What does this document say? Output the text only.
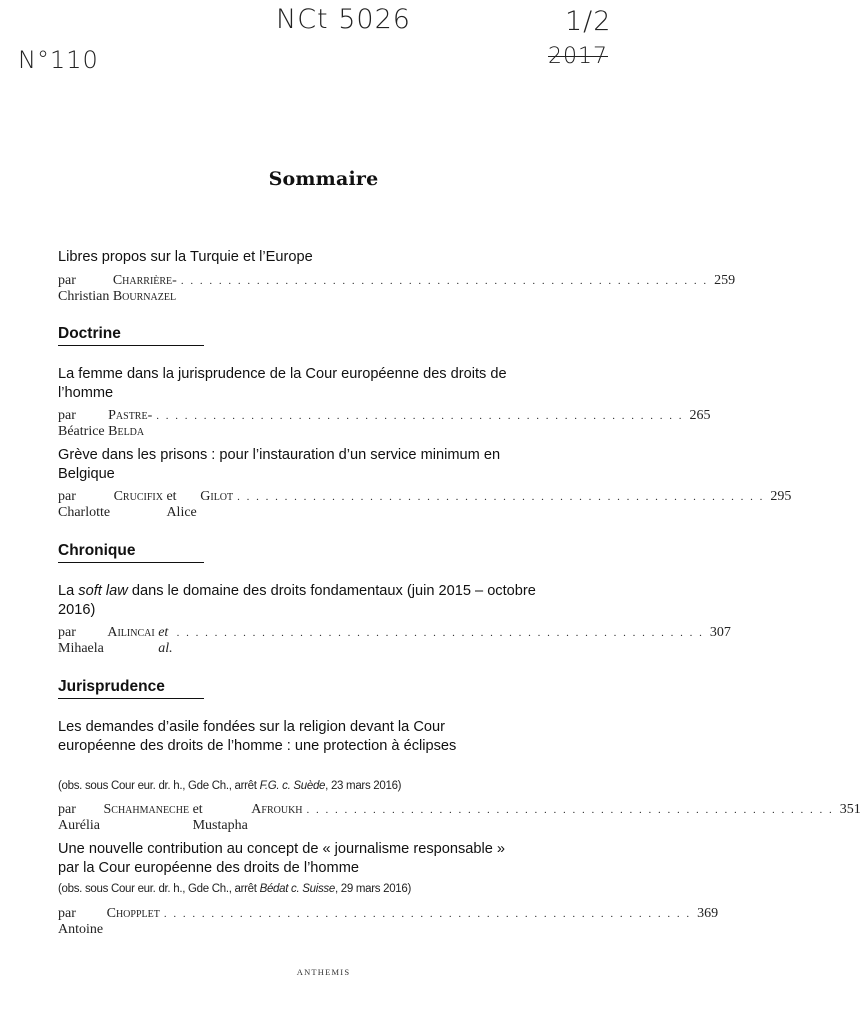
NCt 5026
N°110
1/2
2017
Sommaire
Libres propos sur la Turquie et l’Europe
par Christian

Charrière-Bournazel
. . . . . . . . . . . . . . . . . . . . . . . . . . . . . . . . . . . . . . . . . . . . . . . . . . . . . . . . 259
Doctrine
La femme dans la jurisprudence de la Cour européenne des droits de l’homme
par Béatrice

Pastre-Belda
. . . . . . . . . . . . . . . . . . . . . . . . . . . . . . . . . . . . . . . . . . . . . . . . . . . . . . . . 265
Grève dans les prisons : pour l’instauration d’un service minimum en Belgique
par Charlotte

Crucifix
et Alice

Gilot . . . . . . . . . . . . . . . . . . . . . . . . . . . . . . . . . . . . . . . . . . . . . . . . . . . . . . . . 295
Chronique
La soft law dans le domaine des droits fondamentaux (juin 2015 – octobre 2016)
par Mihaela

Ailincai
et al.
. . . . . . . . . . . . . . . . . . . . . . . . . . . . . . . . . . . . . . . . . . . . . . . . . . . . . . . . 307
Jurisprudence
Les demandes d’asile fondées sur la religion devant la Cour européenne des droits de l’homme : une protection à éclipses
(obs. sous Cour eur. dr. h., Gde Ch., arrêt F.G. c. Suède, 23 mars 2016)
par Aurélia

Schahmaneche
et Mustapha

Afroukh . . . . . . . . . . . . . . . . . . . . . . . . . . . . . . . . . . . . . . . . . . . . . . . . . . . . . . . . 351
Une nouvelle contribution au concept de « journalisme responsable » par la Cour européenne des droits de l’homme
(obs. sous Cour eur. dr. h., Gde Ch., arrêt Bédat c. Suisse, 29 mars 2016)
par Antoine

Chopplet . . . . . . . . . . . . . . . . . . . . . . . . . . . . . . . . . . . . . . . . . . . . . . . . . . . . . . . . 369
ANTHEMIS
